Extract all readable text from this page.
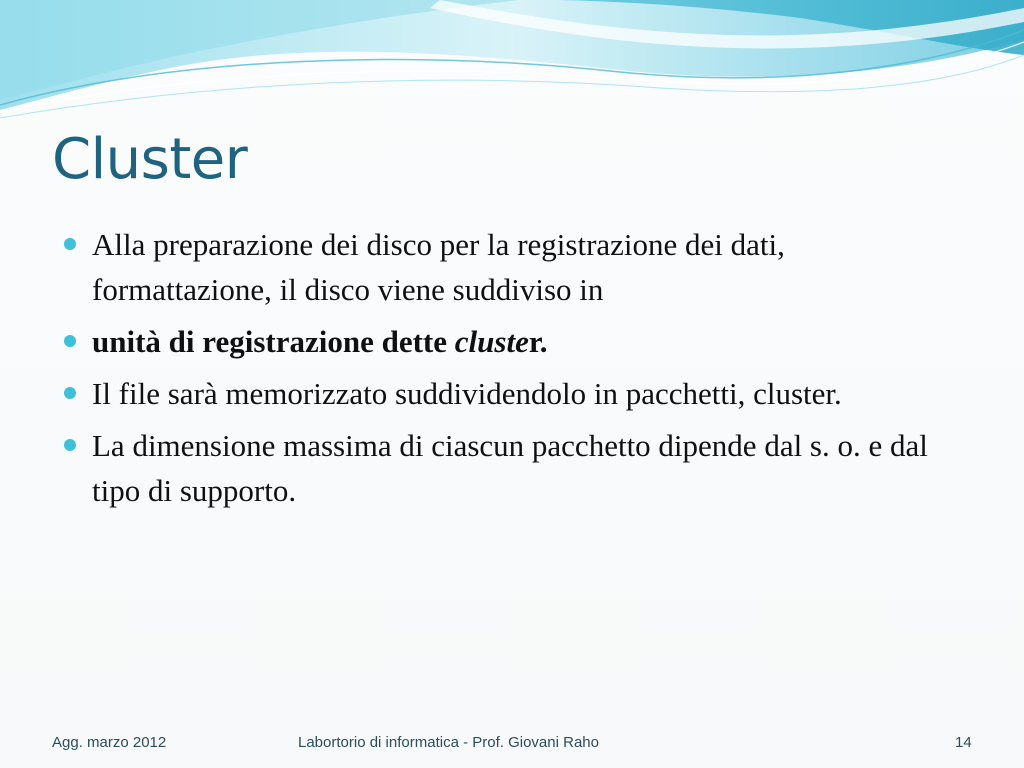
Cluster
Alla preparazione dei disco per la registrazione dei dati, formattazione, il disco viene suddiviso in
unità di registrazione dette cluster.
Il file sarà memorizzato suddividendolo in pacchetti, cluster.
La dimensione massima di ciascun pacchetto dipende dal s. o. e dal tipo di supporto.
Agg. marzo 2012	Labortorio di informatica - Prof. Giovani Raho	14
